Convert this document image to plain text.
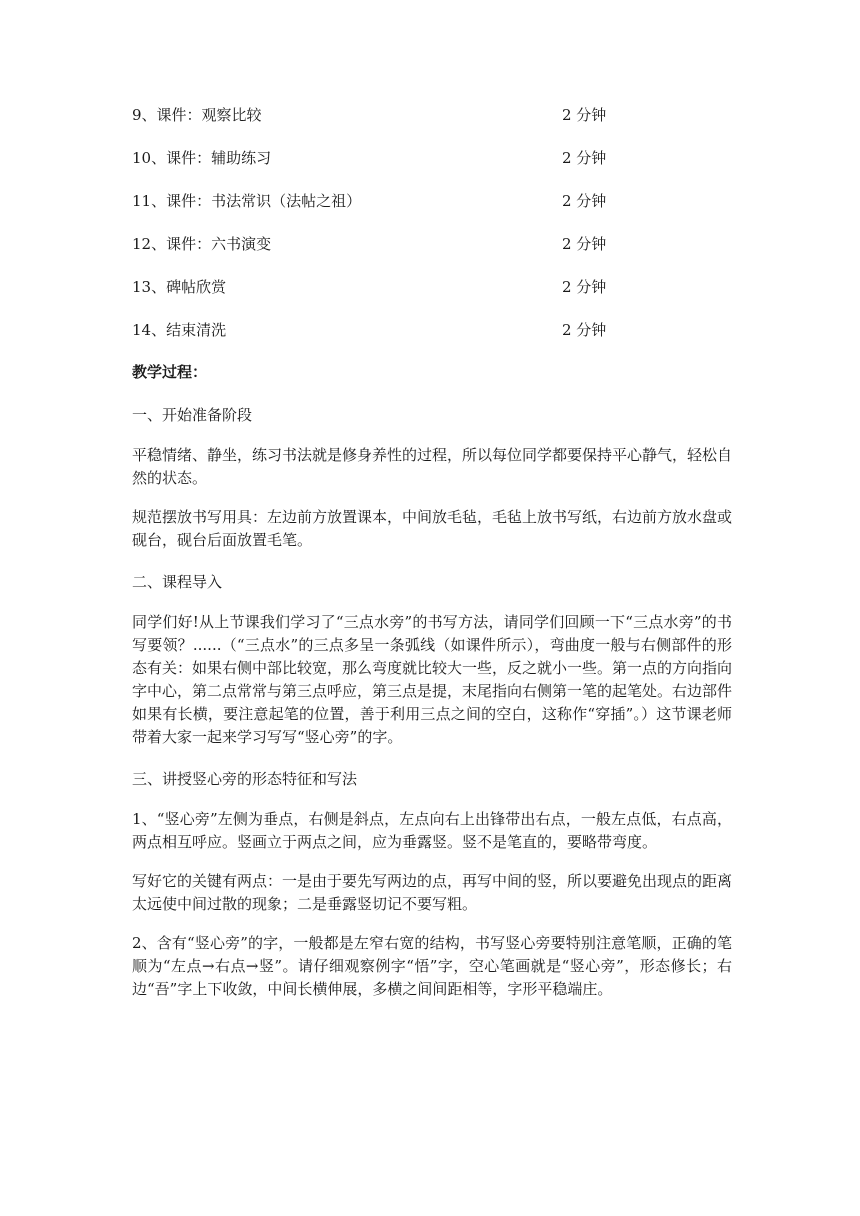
9、课件：观察比较	2 分钟
10、课件：辅助练习	2 分钟
11、课件：书法常识（法帖之祖）	2 分钟
12、课件：六书演变	2 分钟
13、碑帖欣赏	2 分钟
14、结束清洗	2 分钟
教学过程：
一、开始准备阶段

平稳情绪、静坐，练习书法就是修身养性的过程，所以每位同学都要保持平心静气，轻松自然的状态。

规范摆放书写用具：左边前方放置课本，中间放毛毡，毛毡上放书写纸，右边前方放水盘或砚台，砚台后面放置毛笔。

二、课程导入

同学们好!从上节课我们学习了“三点水旁”的书写方法，请同学们回顾一下“三点水旁”的书写要领？......（“三点水”的三点多呈一条弧线（如课件所示），弯曲度一般与右侧部件的形态有关：如果右侧中部比较宽，那么弯度就比较大一些，反之就小一些。第一点的方向指向字中心，第二点常常与第三点呼应，第三点是提，末尾指向右侧第一笔的起笔处。右边部件如果有长横，要注意起笔的位置，善于利用三点之间的空白，这称作“穿插”。）这节课老师带着大家一起来学习写写“竖心旁”的字。

三、讲授竖心旁的形态特征和写法

1、“竖心旁”左侧为垂点，右侧是斜点，左点向右上出锋带出右点，一般左点低，右点高，两点相互呼应。竖画立于两点之间，应为垂露竖。竖不是笔直的，要略带弯度。

写好它的关键有两点：一是由于要先写两边的点，再写中间的竖，所以要避免出现点的距离太远使中间过散的现象；二是垂露竖切记不要写粗。

2、含有“竖心旁”的字，一般都是左窄右宽的结构，书写竖心旁要特别注意笔顺，正确的笔顺为“左点→右点→竖”。请仔细观察例字“悟”字，空心笔画就是“竖心旁”，形态修长；右边“吾”字上下收敛，中间长横伸展，多横之间间距相等，字形平稳端庄。
